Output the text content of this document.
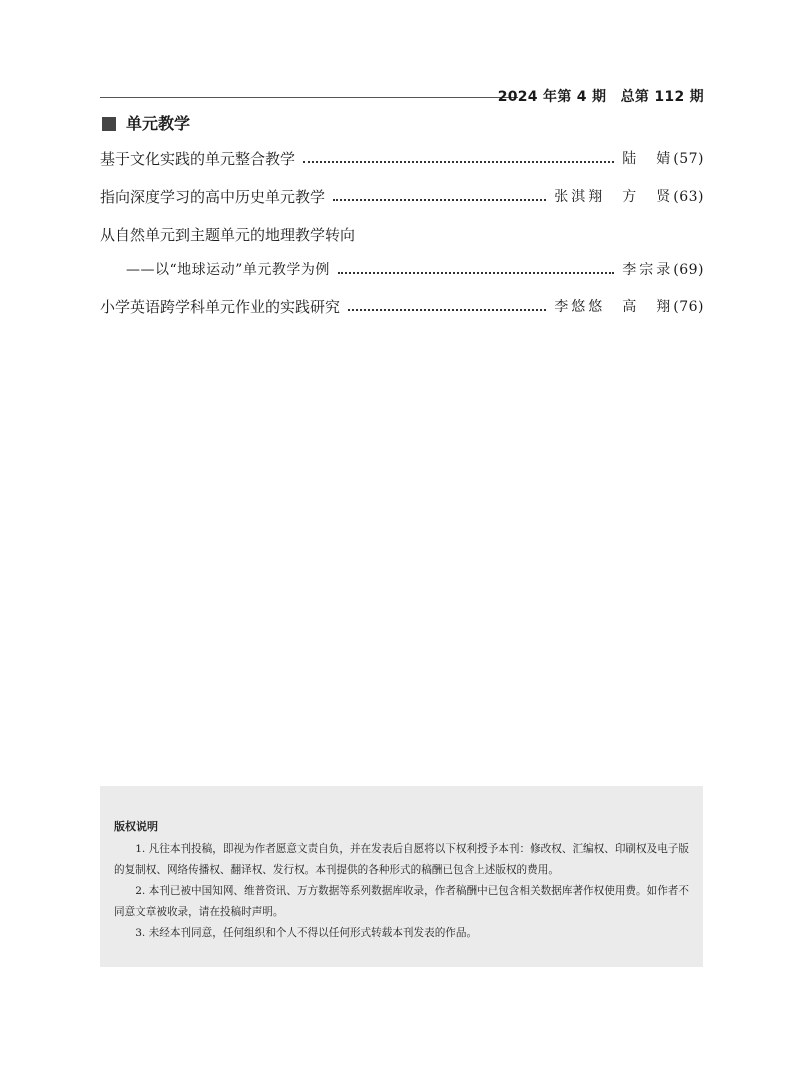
2024 年第 4 期　总第 112 期
单元教学
基于文化实践的单元整合教学	陆　婧 (57)
指向深度学习的高中历史单元教学	张淇翔　方　贤 (63)
从自然单元到主题单元的地理教学转向
——以“地球运动”单元教学为例	李宗录 (69)
小学英语跨学科单元作业的实践研究	李悠悠　高　翔 (76)
版权说明
1. 凡往本刊投稿，即视为作者愿意文责自负，并在发表后自愿将以下权利授予本刊：修改权、汇编权、印刷权及电子版的复制权、网络传播权、翻译权、发行权。本刊提供的各种形式的稿酬已包含上述版权的费用。
2. 本刊已被中国知网、维普资讯、万方数据等系列数据库收录，作者稿酬中已包含相关数据库著作权使用费。如作者不同意文章被收录，请在投稿时声明。
3. 未经本刊同意，任何组织和个人不得以任何形式转载本刊发表的作品。
